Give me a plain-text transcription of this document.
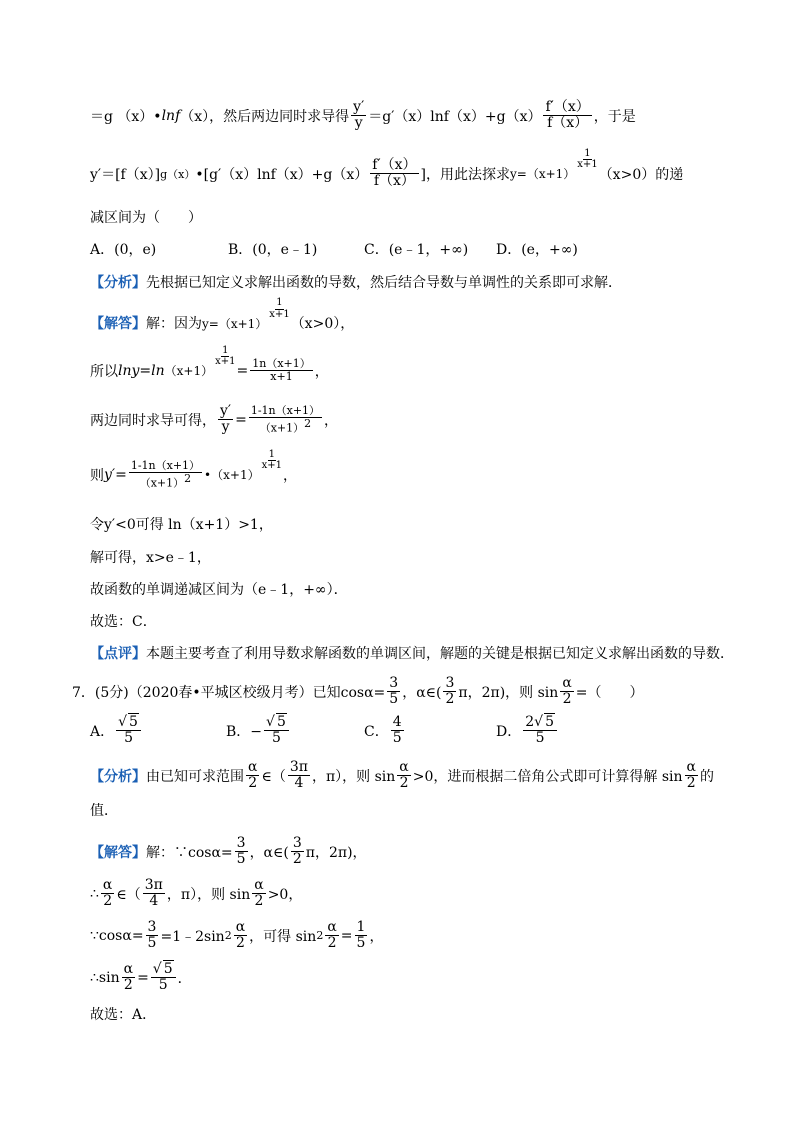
＝g （x）• lnf （x），然后两边同时求导得 $\frac{y'}{y} =g'(x)\ln f(x)+g(x) \frac{f'(x)}{f(x)}$ ，于是
y′＝[f（x）] g（x） •[g′（x）lnf（x）+g（x） $\frac{f'(x)}{f(x)}$ ]，用此法探求 y=（x+1）
$\frac{1}{x+1}$
（x>0）的递
减区间为（　　）
A．(0，e)	B．(0，e﹣1)	C．(e﹣1，+∞) D．(e，+∞)
【分析】 先根据已知定义求解出函数的导数，然后结合导数与单调性的关系即可求解．
【解答】 解：因为 y=（x+1）
$\frac{1}{x+1}$
（x>0），
所以 lny = ln （x+1）
$\frac{1}{x+1}$
= $\frac{1n(x+1)}{x+1}$ ，
两边同时求导可得， $\frac{y'}{y} = \frac{1-1n(x+1)}{(x+1)2}$ ，
则 $y' = \frac{1-1n(x+1)}{(x+1)2}$ •（x+1）
$\frac{1}{x+1}$
，
令y′<0可得 ln（x+1）>1，
解可得，x>e﹣1，
故函数的单调递减区间为（e﹣1，+∞）．
故选：C．
【点评】 本题主要考查了利用导数求解函数的单调区间，解题的关键是根据已知定义求解出函数的导数．
7． (5分)（2020春•平城区校级月考）已知$\cos\alpha= \frac{3}{5}$ ，α∈( $\frac{3}{2}$ π，2π)，则 $\sin \frac{\alpha}{2}$ =（　　）
A． $\frac{√ 5}{5}$	B．− $\frac{√ 5}{5}$	C． $\frac{4}{5}$	D． $\frac{2√ 5}{5}$
【分析】 由已知可求范围 $\frac{\alpha}{2}$ ∈（ $\frac{3\pi}{4}$ ，π），则 $\sin \frac{\alpha}{2} >0$，进而根据二倍角公式即可计算得解 $\sin \frac{\alpha}{2}$ 的
值．
【解答】 解：∵cosα= $\frac{3}{5}$ ，α∈( $\frac{3}{2}$ π，2π)，
∴ $\frac{\alpha}{2}$ ∈（ $\frac{3\pi}{4}$ ，π），则 $\sin \frac{\alpha}{2} >0$，
∵cosα= $\frac{3}{5}$ =1﹣2sin $2 \frac{\alpha}{2}$ ，可得 $\sin 2 \frac{\alpha}{2} = \frac{1}{5}$ ，
∴sin $\frac{\alpha}{2} = \frac{√ 5}{5}$ ．
故选：A．
